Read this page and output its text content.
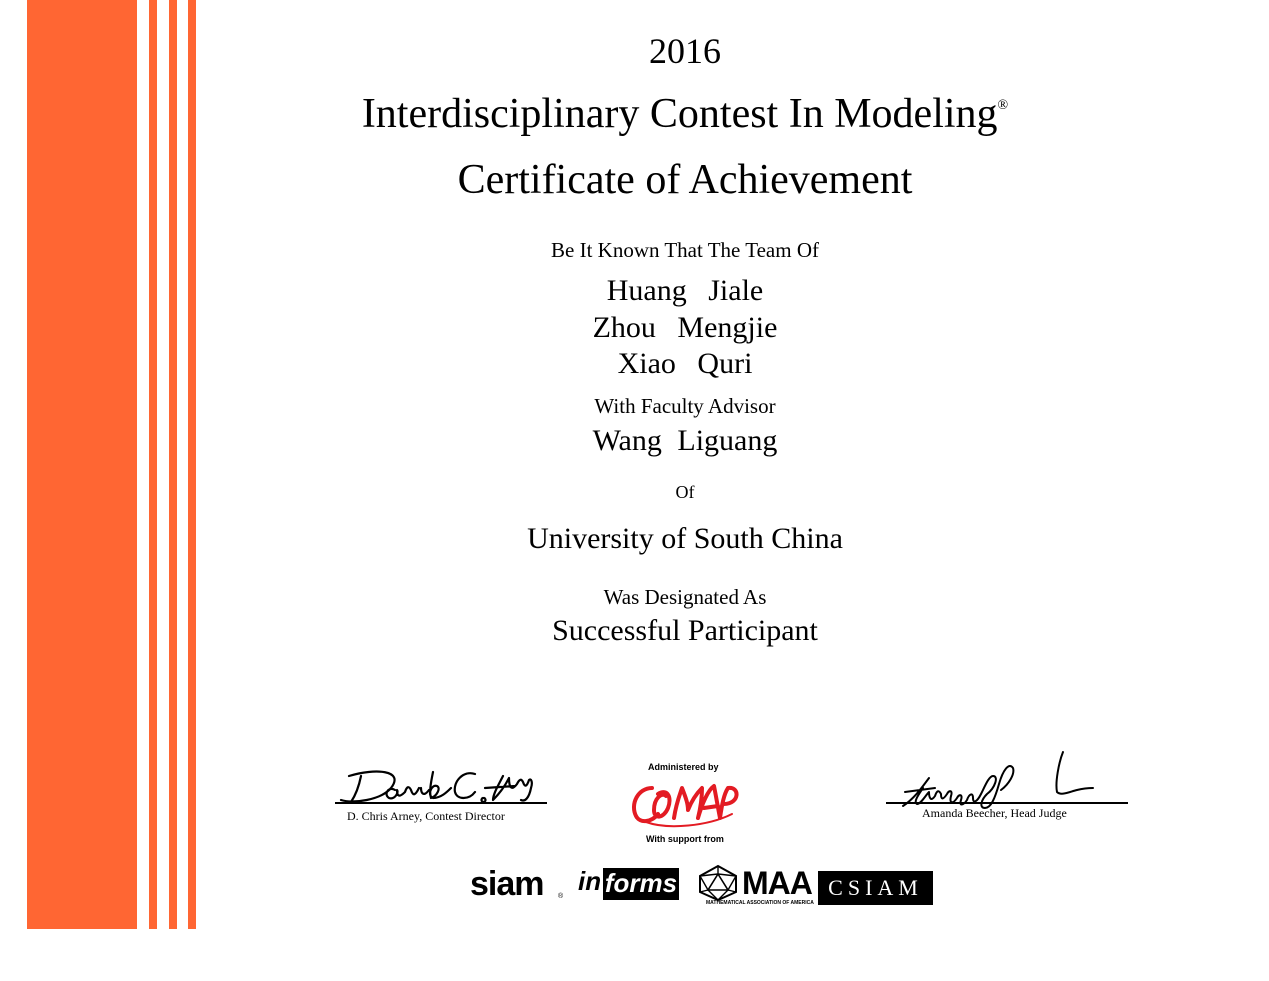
2016
Interdisciplinary Contest In Modeling®
Certificate of Achievement
Be It Known That The Team Of
Huang Jiale
Zhou Mengjie
Xiao Quri
With Faculty Advisor
Wang Liguang
Of
University of South China
Was Designated As
Successful Participant
D. Chris Arney, Contest Director	Amanda Beecher, Head Judge
Administered by
With support from
siam ®
in forms MAA
MATHEMATICAL ASSOCIATION OF AMERICA
CSIAM
